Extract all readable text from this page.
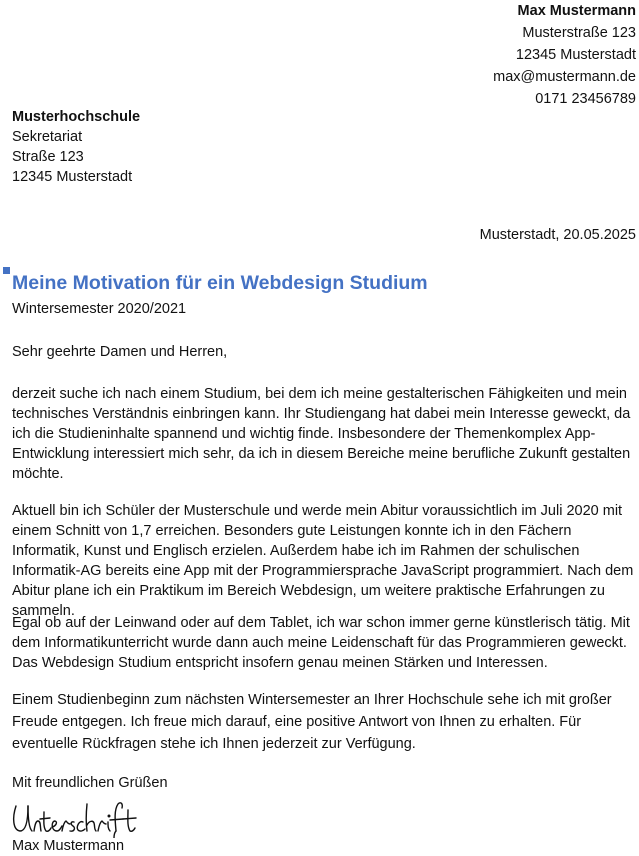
Max Mustermann
Musterstraße 123
12345 Musterstadt
max@mustermann.de
0171 23456789
Musterhochschule
Sekretariat
Straße 123
12345 Musterstadt
Musterstadt, 20.05.2025
Meine Motivation für ein Webdesign Studium
Wintersemester 2020/2021
Sehr geehrte Damen und Herren,

derzeit suche ich nach einem Studium, bei dem ich meine gestalterischen Fähigkeiten und mein technisches Verständnis einbringen kann. Ihr Studiengang hat dabei mein Interesse geweckt, da ich die Studieninhalte spannend und wichtig finde. Insbesondere der Themenkomplex App-Entwicklung interessiert mich sehr, da ich in diesem Bereiche meine berufliche Zukunft gestalten möchte.

Aktuell bin ich Schüler der Musterschule und werde mein Abitur voraussichtlich im Juli 2020 mit einem Schnitt von 1,7 erreichen. Besonders gute Leistungen konnte ich in den Fächern Informatik, Kunst und Englisch erzielen. Außerdem habe ich im Rahmen der schulischen Informatik-AG bereits eine App mit der Programmiersprache JavaScript programmiert. Nach dem Abitur plane ich ein Praktikum im Bereich Webdesign, um weitere praktische Erfahrungen zu sammeln.

Egal ob auf der Leinwand oder auf dem Tablet, ich war schon immer gerne künstlerisch tätig. Mit dem Informatikunterricht wurde dann auch meine Leidenschaft für das Programmieren geweckt. Das Webdesign Studium entspricht insofern genau meinen Stärken und Interessen.

Einem Studienbeginn zum nächsten Wintersemester an Ihrer Hochschule sehe ich mit großer Freude entgegen. Ich freue mich darauf, eine positive Antwort von Ihnen zu erhalten. Für eventuelle Rückfragen stehe ich Ihnen jederzeit zur Verfügung.

Mit freundlichen Grüßen
Max Mustermann
